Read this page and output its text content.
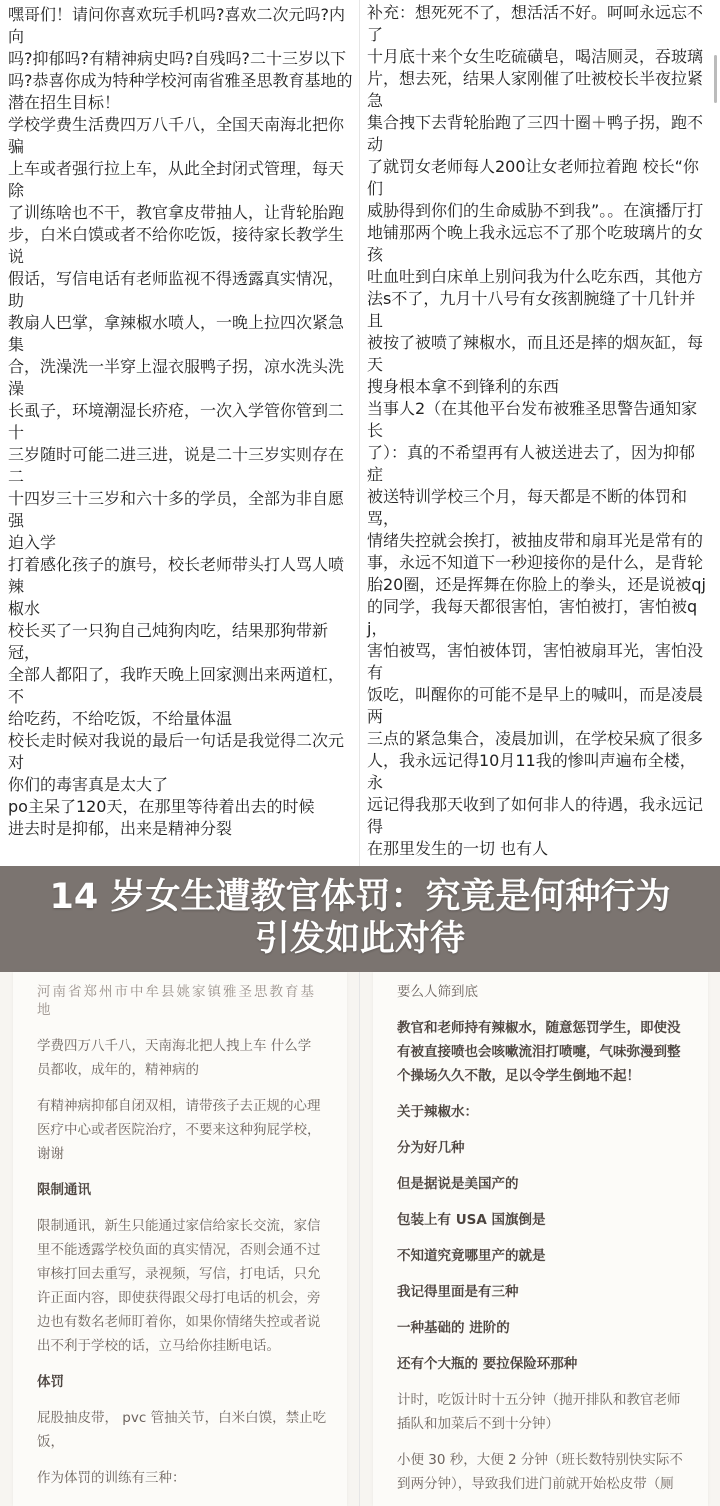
嘿哥们！请问你喜欢玩手机吗?喜欢二次元吗?内向
吗?抑郁吗?有精神病史吗?自残吗?二十三岁以下
吗?恭喜你成为特种学校河南省雅圣思教育基地的
潜在招生目标！
学校学费生活费四万八千八，全国天南海北把你骗
上车或者强行拉上车，从此全封闭式管理，每天除
了训练啥也不干，教官拿皮带抽人，让背轮胎跑
步，白米白馍或者不给你吃饭，接待家长教学生说
假话，写信电话有老师监视不得透露真实情况，助
教扇人巴掌，拿辣椒水喷人，一晚上拉四次紧急集
合，洗澡洗一半穿上湿衣服鸭子拐，凉水洗头洗澡
长虱子，环境潮湿长疥疮，一次入学管你管到二十
三岁随时可能二进三进，说是二十三岁实则存在二
十四岁三十三岁和六十多的学员，全部为非自愿强
迫入学
打着感化孩子的旗号，校长老师带头打人骂人喷辣
椒水
校长买了一只狗自己炖狗肉吃，结果那狗带新冠，
全部人都阳了，我昨天晚上回家测出来两道杠，不
给吃药，不给吃饭，不给量体温
校长走时候对我说的最后一句话是我觉得二次元对
你们的毒害真是太大了
po主呆了120天，在那里等待着出去的时候
进去时是抑郁，出来是精神分裂
补充：想死死不了，想活活不好。呵呵永远忘不了
十月底十来个女生吃硫磺皂，喝洁厕灵，吞玻璃
片，想去死，结果人家刚催了吐被校长半夜拉紧急
集合拽下去背轮胎跑了三四十圈＋鸭子拐，跑不动
了就罚女老师每人200让女老师拉着跑 校长“你们
威胁得到你们的生命威胁不到我”。。在演播厅打
地铺那两个晚上我永远忘不了那个吃玻璃片的女孩
吐血吐到白床单上别问我为什么吃东西，其他方
法s不了，九月十八号有女孩割腕缝了十几针并且
被按了被喷了辣椒水，而且还是摔的烟灰缸，每天
搜身根本拿不到锋利的东西
当事人2（在其他平台发布被雅圣思警告通知家长
了）：真的不希望再有人被送进去了，因为抑郁症
被送特训学校三个月，每天都是不断的体罚和骂，
情绪失控就会挨打，被抽皮带和扇耳光是常有的
事，永远不知道下一秒迎接你的是什么，是背轮
胎20圈，还是挥舞在你脸上的拳头，还是说被qj
的同学，我每天都很害怕，害怕被打，害怕被qj，
害怕被骂，害怕被体罚，害怕被扇耳光，害怕没有
饭吃，叫醒你的可能不是早上的喊叫，而是凌晨两
三点的紧急集合，凌晨加训，在学校呆疯了很多
人，我永远记得10月11我的惨叫声遍布全楼，永
远记得我那天收到了如何非人的待遇，我永远记得
在那里发生的一切 也有人
14 岁女生遭教官体罚：究竟是何种行为
引发如此对待
河南省郑州市中牟县姚家镇雅圣思教育基地
学费四万八千八，天南海北把人拽上车 什么学
员都收，成年的，精神病的
有精神病抑郁自闭双相，请带孩子去正规的心理
医疗中心或者医院治疗，不要来这种狗屁学校，
谢谢
限制通讯
限制通讯，新生只能通过家信给家长交流，家信
里不能透露学校负面的真实情况，否则会通不过
审核打回去重写，录视频，写信，打电话，只允
许正面内容，即使获得跟父母打电话的机会，旁
边也有数名老师盯着你，如果你情绪失控或者说
出不利于学校的话，立马给你挂断电话。
体罚
屁股抽皮带， pvc 管抽关节，白米白馍，禁止吃
饭，
作为体罚的训练有三种：
要么人筛到底
教官和老师持有辣椒水，随意惩罚学生，即使没
有被直接喷也会咳嗽流泪打喷嚏，气味弥漫到整
个操场久久不散，足以令学生倒地不起！
关于辣椒水：
分为好几种
但是据说是美国产的
包装上有 USA 国旗倒是
不知道究竟哪里产的就是
我记得里面是有三种
一种基础的 进阶的
还有个大瓶的 要拉保险环那种
计时，吃饭计时十五分钟（抛开排队和教官老师
插队和加菜后不到十分钟）
小便 30 秒，大便 2 分钟（班长数特别快实际不
到两分钟），导致我们进门前就开始松皮带（厕
